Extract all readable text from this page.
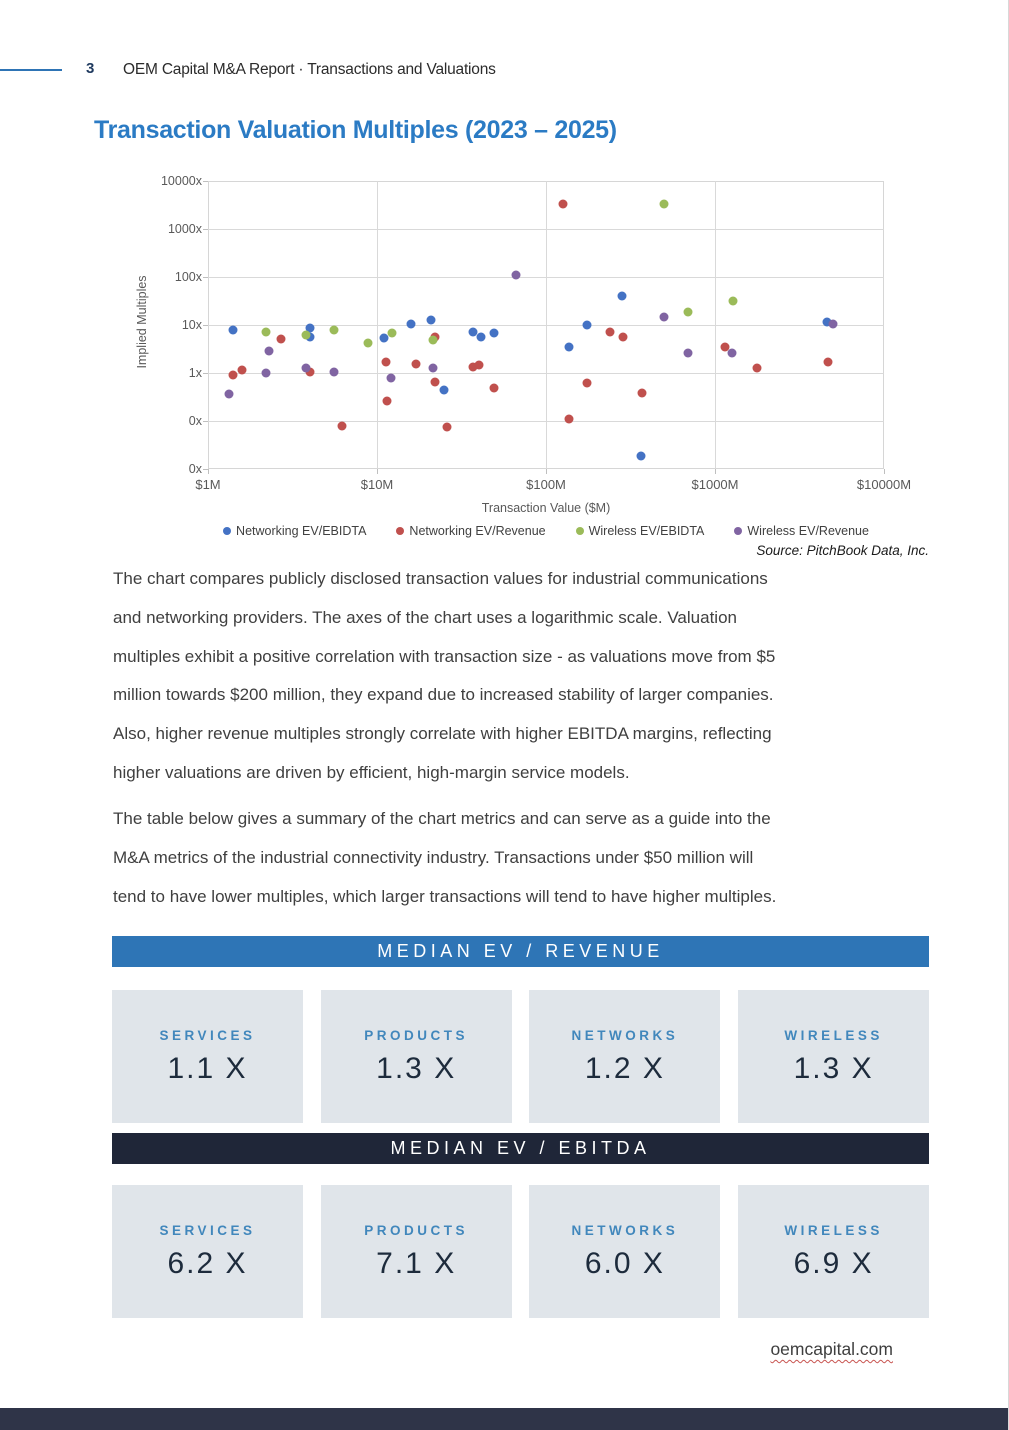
3 OEM Capital M&A Report · Transactions and Valuations
Transaction Valuation Multiples (2023 – 2025)
Implied Multiples
Transaction Value ($M)
Networking EV/EBIDTA	Networking EV/Revenue	Wireless EV/EBIDTA	Wireless EV/Revenue
Source: PitchBook Data, Inc.
The chart compares publicly disclosed transaction values for industrial communications
and networking providers. The axes of the chart uses a logarithmic scale. Valuation
multiples exhibit a positive correlation with transaction size - as valuations move from $5
million towards $200 million, they expand due to increased stability of larger companies.
Also, higher revenue multiples strongly correlate with higher EBITDA margins, reflecting
higher valuations are driven by efficient, high-margin service models.
The table below gives a summary of the chart metrics and can serve as a guide into the
M&A metrics of the industrial connectivity industry. Transactions under $50 million will
tend to have lower multiples, which larger transactions will tend to have higher multiples.
MEDIAN EV / REVENUE
MEDIAN EV / EBITDA
oemcapital.com
10000x
1000x
100x
10x
1x
0x
0x
$1M	$10M	$100M	$1000M	$10000M
SERVICES
1.1 X
PRODUCTS
1.3 X
NETWORKS
1.2 X
WIRELESS
1.3 X
SERVICES
6.2 X
PRODUCTS
7.1 X
NETWORKS
6.0 X
WIRELESS
6.9 X
